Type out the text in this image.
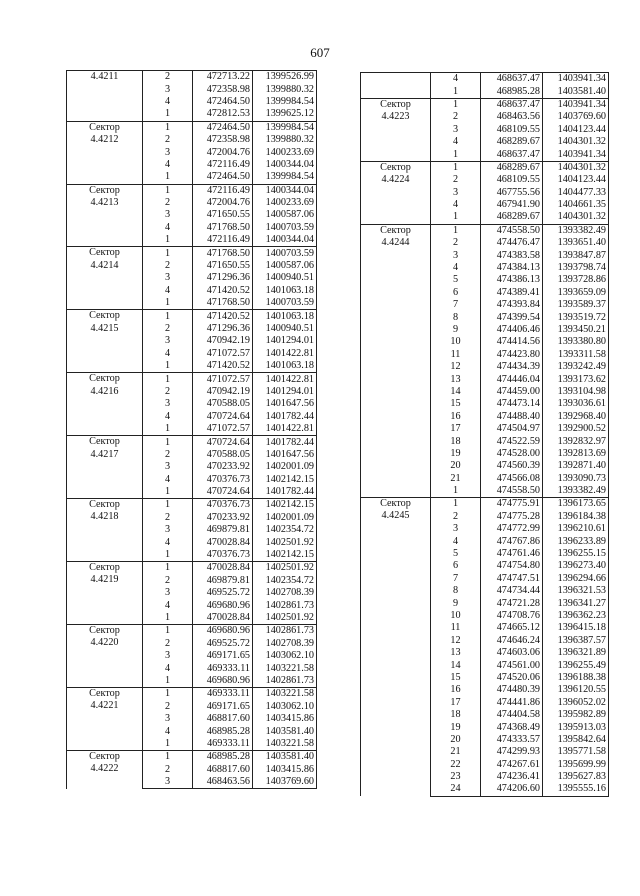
607
4.4211	2	472713.22	1399526.99
	3	472358.98	1399880.32
	4	472464.50	1399984.54
	1	472812.53	1399625.12

Сектор
4.4212	1	472464.50	1399984.54
	2	472358.98	1399880.32
	3	472004.76	1400233.69
	4	472116.49	1400344.04
	1	472464.50	1399984.54

Сектор
4.4213	1	472116.49	1400344.04
	2	472004.76	1400233.69
	3	471650.55	1400587.06
	4	471768.50	1400703.59
	1	472116.49	1400344.04

Сектор
4.4214	1	471768.50	1400703.59
	2	471650.55	1400587.06
	3	471296.36	1400940.51
	4	471420.52	1401063.18
	1	471768.50	1400703.59

Сектор
4.4215	1	471420.52	1401063.18
	2	471296.36	1400940.51
	3	470942.19	1401294.01
	4	471072.57	1401422.81
	1	471420.52	1401063.18

Сектор
4.4216	1	471072.57	1401422.81
	2	470942.19	1401294.01
	3	470588.05	1401647.56
	4	470724.64	1401782.44
	1	471072.57	1401422.81

Сектор
4.4217	1	470724.64	1401782.44
	2	470588.05	1401647.56
	3	470233.92	1402001.09
	4	470376.73	1402142.15
	1	470724.64	1401782.44

Сектор
4.4218	1	470376.73	1402142.15
	2	470233.92	1402001.09
	3	469879.81	1402354.72
	4	470028.84	1402501.92
	1	470376.73	1402142.15

Сектор
4.4219	1	470028.84	1402501.92
	2	469879.81	1402354.72
	3	469525.72	1402708.39
	4	469680.96	1402861.73
	1	470028.84	1402501.92

Сектор
4.4220	1	469680.96	1402861.73
	2	469525.72	1402708.39
	3	469171.65	1403062.10
	4	469333.11	1403221.58
	1	469680.96	1402861.73

Сектор
4.4221	1	469333.11	1403221.58
	2	469171.65	1403062.10
	3	468817.60	1403415.86
	4	468985.28	1403581.40
	1	469333.11	1403221.58

Сектор
4.4222	1	468985.28	1403581.40
	2	468817.60	1403415.86
	3	468463.56	1403769.60
	4	468637.47	1403941.34
	1	468985.28	1403581.40

Сектор
4.4223	1	468637.47	1403941.34
	2	468463.56	1403769.60
	3	468109.55	1404123.44
	4	468289.67	1404301.32
	1	468637.47	1403941.34

Сектор
4.4224	1	468289.67	1404301.32
	2	468109.55	1404123.44
	3	467755.56	1404477.33
	4	467941.90	1404661.35
	1	468289.67	1404301.32

Сектор
4.4244	1	474558.50	1393382.49
	2	474476.47	1393651.40
	3	474383.58	1393847.87
	4	474384.13	1393798.74
	5	474386.13	1393728.86
	6	474389.41	1393659.09
	7	474393.84	1393589.37
	8	474399.54	1393519.72
	9	474406.46	1393450.21
	10	474414.56	1393380.80
	11	474423.80	1393311.58
	12	474434.39	1393242.49
	13	474446.04	1393173.62
	14	474459.00	1393104.98
	15	474473.14	1393036.61
	16	474488.40	1392968.40
	17	474504.97	1392900.52
	18	474522.59	1392832.97
	19	474528.00	1392813.69
	20	474560.39	1392871.40
	21	474566.08	1393090.73
	1	474558.50	1393382.49

Сектор
4.4245	1	474775.91	1396173.65
	2	474775.28	1396184.38
	3	474772.99	1396210.61
	4	474767.86	1396233.89
	5	474761.46	1396255.15
	6	474754.80	1396273.40
	7	474747.51	1396294.66
	8	474734.44	1396321.53
	9	474721.28	1396341.27
	10	474708.76	1396362.23
	11	474665.12	1396415.18
	12	474646.24	1396387.57
	13	474603.06	1396321.89
	14	474561.00	1396255.49
	15	474520.06	1396188.38
	16	474480.39	1396120.55
	17	474441.86	1396052.02
	18	474404.58	1395982.89
	19	474368.49	1395913.03
	20	474333.57	1395842.64
	21	474299.93	1395771.58
	22	474267.61	1395699.99
	23	474236.41	1395627.83
	24	474206.60	1395555.16
